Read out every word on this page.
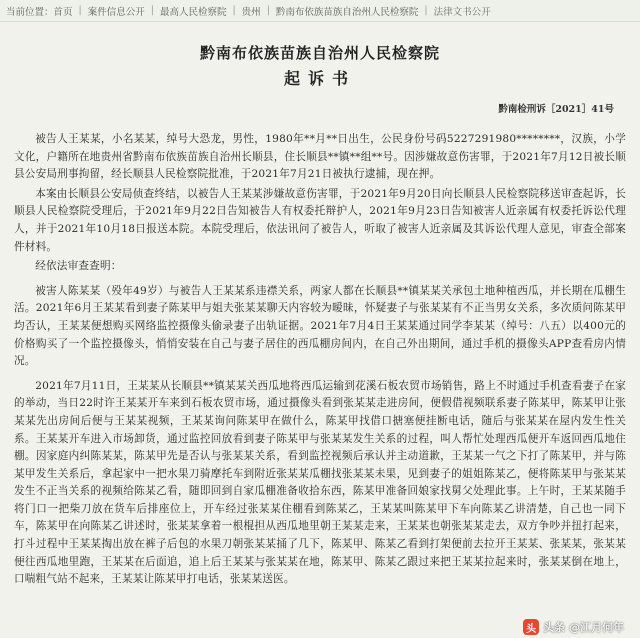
当前位置： 首页 | 案件信息公开 | 最高人民检察院 | 贵州 | 黔南布依族苗族自治州人民检察院 | 法律文书公开
黔南布依族苗族自治州人民检察院
起诉书
黔南检刑诉［2021］41号

被告人王某某，小名某某，绰号大恐龙，男性，1980年**月**日出生，公民身份号码5227291980********，汉族，小学文化，户籍所在地贵州省黔南布依族苗族自治州长顺县，住长顺县**镇**组**号。因涉嫌故意伤害罪，于2021年7月12日被长顺县公安局刑事拘留，经长顺县人民检察院批准，于2021年7月21日被执行逮捕，现在押。

本案由长顺县公安局侦查终结，以被告人王某某涉嫌故意伤害罪，于2021年9月20日向长顺县人民检察院移送审查起诉，长顺县人民检察院受理后，于2021年9月22日告知被告人有权委托辩护人，2021年9月23日告知被害人近亲属有权委托诉讼代理人，并于2021年10月18日报送本院。本院受理后，依法讯问了被告人，听取了被害人近亲属及其诉讼代理人意见，审查全部案件材料。

经依法审查查明：

被害人陈某某（殁年49岁）与被告人王某某系违襟关系，两家人都在长顺县**镇某某关承包土地种植西瓜，并长期在瓜棚生活。2021年6月王某某看到妻子陈某甲与姐夫张某某聊天内容较为暧昧，怀疑妻子与张某某有不正当男女关系，多次质问陈某甲均否认，王某某便想购买网络监控摄像头偷录妻子出轨证据。2021年7月4日王某某通过同学李某某（绰号：八五）以400元的价格购买了一个监控摄像头，悄悄安装在自己与妻子居住的西瓜棚房间内，在自己外出期间，通过手机的摄像头APP查看房内情况。

2021年7月11日，王某某从长顺县**镇某某关西瓜地将西瓜运输到花溪石板农贸市场销售，路上不时通过手机查看妻子在家的举动，当日22时许王某某开车来到石板农贸市场，通过摄像头看到张某某走进房间，便假借视频联系妻子陈某甲，陈某甲让张某某先出房间后便与王某某视频，王某某询问陈某甲在做什么，陈某甲找借口搪塞便挂断电话，随后与张某某在屋内发生性关系。王某某开车进入市场卸货，通过监控回放看到妻子陈某甲与张某某发生关系的过程，叫人帮忙处理西瓜便开车返回西瓜地住棚。因家庭内纠陈某某，陈某甲先是否认与张某某关系，看到监控视频后承认并主动道歉，王某某一气之下打了陈某甲，并与陈某甲发生关系后，拿起家中一把水果刀骑摩托车到附近张某某瓜棚找张某某未果，见到妻子的姐姐陈某乙，便将陈某甲与张某某发生不正当关系的视频给陈某乙看，随即回到自家瓜棚准备收拾东西，陈某甲准备回娘家找舅父处理此事。上午时，王某某随手将门口一把柴刀放在货车后排座位上，开车经过张某某住棚看到陈某乙，王某某叫陈某甲下车向陈某乙讲清楚，自己也一同下车，陈某甲在向陈某乙讲述时，张某某拿着一根棍担从西瓜地里朝王某某走来，王某某也朝张某某走去，双方争吵并扭打起来，打斗过程中王某某掏出放在裤子后包的水果刀朝张某某捅了几下，陈某甲、陈某乙看到打架便前去拉开王某某、张某某，张某某便往西瓜地里跑，王某某在后面追，追上后王某某与张某某在地，陈某甲、陈某乙跟过来把王某某拉起来时，张某某倒在地上，口喘粗气站不起来，王某某让陈某甲打电话，张某某送医。

头 头条 @江月何年
